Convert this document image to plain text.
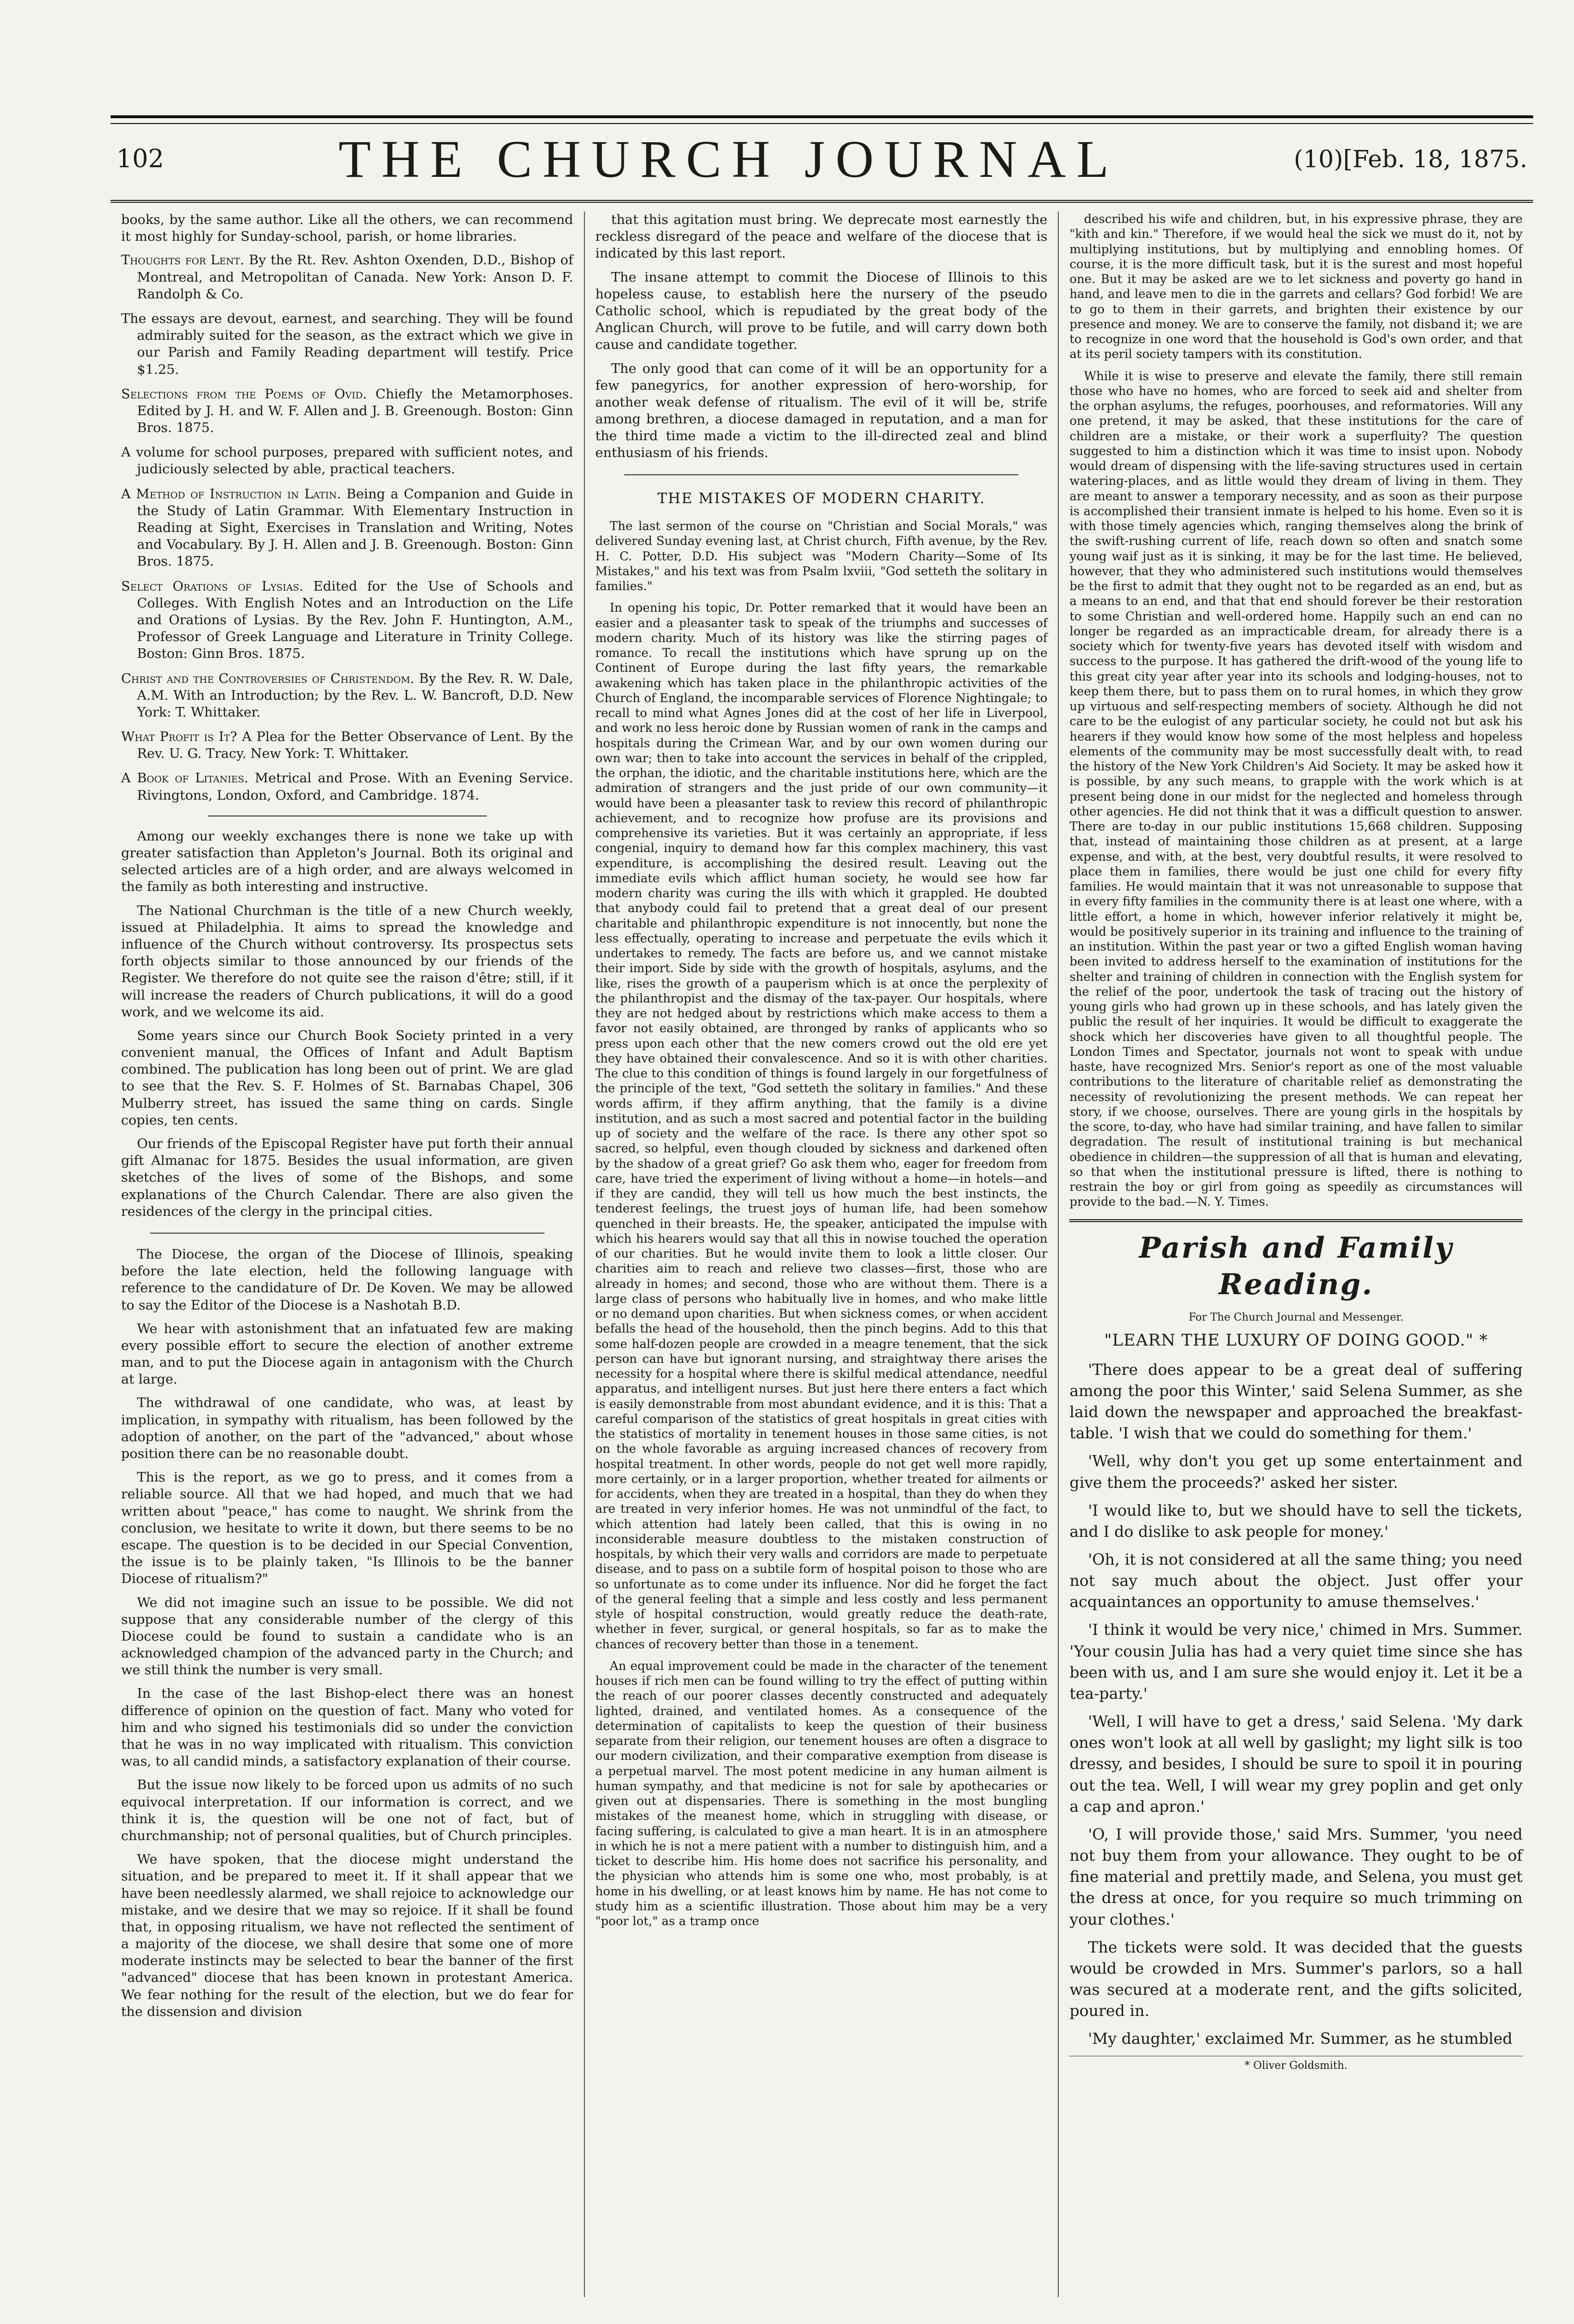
102	THE CHURCH JOURNAL	(10)[Feb. 18, 1875.

books, by the same author. Like all the others, we can recommend it most highly for Sunday-school, parish, or home libraries.

Thoughts for Lent. By the Rt. Rev. Ashton Oxenden, D.D., Bishop of Montreal, and Metropolitan of Canada. New York: Anson D. F. Randolph & Co.
The essays are devout, earnest, and searching. They will be found admirably suited for the season, as the extract which we give in our Parish and Family Reading department will testify. Price $1.25.
Selections from the Poems of Ovid. Chiefly the Metamorphoses. Edited by J. H. and W. F. Allen and J. B. Greenough. Boston: Ginn Bros. 1875.
A volume for school purposes, prepared with sufficient notes, and judiciously selected by able, practical teachers.
A Method of Instruction in Latin. Being a Companion and Guide in the Study of Latin Grammar. With Elementary Instruction in Reading at Sight, Exercises in Translation and Writing, Notes and Vocabulary. By J. H. Allen and J. B. Greenough. Boston: Ginn Bros. 1875.
Select Orations of Lysias. Edited for the Use of Schools and Colleges. With English Notes and an Introduction on the Life and Orations of Lysias. By the Rev. John F. Huntington, A.M., Professor of Greek Language and Literature in Trinity College. Boston: Ginn Bros. 1875.
Christ and the Controversies of Christendom. By the Rev. R. W. Dale, A.M. With an Introduction; by the Rev. L. W. Bancroft, D.D. New York: T. Whittaker.
What Profit is It? A Plea for the Better Observance of Lent. By the Rev. U. G. Tracy. New York: T. Whittaker.
A Book of Litanies. Metrical and Prose. With an Evening Service. Rivingtons, London, Oxford, and Cambridge. 1874.

Among our weekly exchanges there is none we take up with greater satisfaction than Appleton's Journal. Both its original and selected articles are of a high order, and are always welcomed in the family as both interesting and instructive.

The National Churchman is the title of a new Church weekly, issued at Philadelphia. It aims to spread the knowledge and influence of the Church without controversy. Its prospectus sets forth objects similar to those announced by our friends of the Register. We therefore do not quite see the raison d'être; still, if it will increase the readers of Church publications, it will do a good work, and we welcome its aid.

Some years since our Church Book Society printed in a very convenient manual, the Offices of Infant and Adult Baptism combined. The publication has long been out of print. We are glad to see that the Rev. S. F. Holmes of St. Barnabas Chapel, 306 Mulberry street, has issued the same thing on cards. Single copies, ten cents.

Our friends of the Episcopal Register have put forth their annual gift Almanac for 1875. Besides the usual information, are given sketches of the lives of some of the Bishops, and some explanations of the Church Calendar. There are also given the residences of the clergy in the principal cities.

The Diocese, the organ of the Diocese of Illinois, speaking before the late election, held the following language with reference to the candidature of Dr. De Koven. We may be allowed to say the Editor of the Diocese is a Nashotah B.D.

We hear with astonishment that an infatuated few are making every possible effort to secure the election of another extreme man, and to put the Diocese again in antagonism with the Church at large.

The withdrawal of one candidate, who was, at least by implication, in sympathy with ritualism, has been followed by the adoption of another, on the part of the "advanced," about whose position there can be no reasonable doubt.

This is the report, as we go to press, and it comes from a reliable source. All that we had hoped, and much that we had written about "peace," has come to naught. We shrink from the conclusion, we hesitate to write it down, but there seems to be no escape. The question is to be decided in our Special Convention, the issue is to be plainly taken, "Is Illinois to be the banner Diocese of ritualism?"

We did not imagine such an issue to be possible. We did not suppose that any considerable number of the clergy of this Diocese could be found to sustain a candidate who is an acknowledged champion of the advanced party in the Church; and we still think the number is very small.

In the case of the last Bishop-elect there was an honest difference of opinion on the question of fact. Many who voted for him and who signed his testimonials did so under the conviction that he was in no way implicated with ritualism. This conviction was, to all candid minds, a satisfactory explanation of their course.

But the issue now likely to be forced upon us admits of no such equivocal interpretation. If our information is correct, and we think it is, the question will be one not of fact, but of churchmanship; not of personal qualities, but of Church principles.

We have spoken, that the diocese might understand the situation, and be prepared to meet it. If it shall appear that we have been needlessly alarmed, we shall rejoice to acknowledge our mistake, and we desire that we may so rejoice. If it shall be found that, in opposing ritualism, we have not reflected the sentiment of a majority of the diocese, we shall desire that some one of more moderate instincts may be selected to bear the banner of the first "advanced" diocese that has been known in protestant America. We fear nothing for the result of the election, but we do fear for the dissension and division

that this agitation must bring. We deprecate most earnestly the reckless disregard of the peace and welfare of the diocese that is indicated by this last report.

The insane attempt to commit the Diocese of Illinois to this hopeless cause, to establish here the nursery of the pseudo Catholic school, which is repudiated by the great body of the Anglican Church, will prove to be futile, and will carry down both cause and candidate together.

The only good that can come of it will be an opportunity for a few panegyrics, for another expression of hero-worship, for another weak defense of ritualism. The evil of it will be, strife among brethren, a diocese damaged in reputation, and a man for the third time made a victim to the ill-directed zeal and blind enthusiasm of his friends.

THE MISTAKES OF MODERN CHARITY.

The last sermon of the course on "Christian and Social Morals," was delivered Sunday evening last, at Christ church, Fifth avenue, by the Rev. H. C. Potter, D.D. His subject was "Modern Charity—Some of Its Mistakes," and his text was from Psalm lxviii, "God setteth the solitary in families."

In opening his topic, Dr. Potter remarked that it would have been an easier and a pleasanter task to speak of the triumphs and successes of modern charity. Much of its history was like the stirring pages of romance. To recall the institutions which have sprung up on the Continent of Europe during the last fifty years, the remarkable awakening which has taken place in the philanthropic activities of the Church of England, the incomparable services of Florence Nightingale; to recall to mind what Agnes Jones did at the cost of her life in Liverpool, and work no less heroic done by Russian women of rank in the camps and hospitals during the Crimean War, and by our own women during our own war; then to take into account the services in behalf of the crippled, the orphan, the idiotic, and the charitable institutions here, which are the admiration of strangers and the just pride of our own community—it would have been a pleasanter task to review this record of philanthropic achievement, and to recognize how profuse are its provisions and comprehensive its varieties. But it was certainly an appropriate, if less congenial, inquiry to demand how far this complex machinery, this vast expenditure, is accomplishing the desired result. Leaving out the immediate evils which afflict human society, he would see how far modern charity was curing the ills with which it grappled. He doubted that anybody could fail to pretend that a great deal of our present charitable and philanthropic expenditure is not innocently, but none the less effectually, operating to increase and perpetuate the evils which it undertakes to remedy. The facts are before us, and we cannot mistake their import. Side by side with the growth of hospitals, asylums, and the like, rises the growth of a pauperism which is at once the perplexity of the philanthropist and the dismay of the tax-payer. Our hospitals, where they are not hedged about by restrictions which make access to them a favor not easily obtained, are thronged by ranks of applicants who so press upon each other that the new comers crowd out the old ere yet they have obtained their convalescence. And so it is with other charities. The clue to this condition of things is found largely in our forgetfulness of the principle of the text, "God setteth the solitary in families." And these words affirm, if they affirm anything, that the family is a divine institution, and as such a most sacred and potential factor in the building up of society and the welfare of the race. Is there any other spot so sacred, so helpful, even though clouded by sickness and darkened often by the shadow of a great grief? Go ask them who, eager for freedom from care, have tried the experiment of living without a home—in hotels—and if they are candid, they will tell us how much the best instincts, the tenderest feelings, the truest joys of human life, had been somehow quenched in their breasts. He, the speaker, anticipated the impulse with which his hearers would say that all this in nowise touched the operation of our charities. But he would invite them to look a little closer. Our charities aim to reach and relieve two classes—first, those who are already in homes; and second, those who are without them. There is a large class of persons who habitually live in homes, and who make little or no demand upon charities. But when sickness comes, or when accident befalls the head of the household, then the pinch begins. Add to this that some half-dozen people are crowded in a meagre tenement, that the sick person can have but ignorant nursing, and straightway there arises the necessity for a hospital where there is skilful medical attendance, needful apparatus, and intelligent nurses. But just here there enters a fact which is easily demonstrable from most abundant evidence, and it is this: That a careful comparison of the statistics of great hospitals in great cities with the statistics of mortality in tenement houses in those same cities, is not on the whole favorable as arguing increased chances of recovery from hospital treatment. In other words, people do not get well more rapidly, more certainly, or in a larger proportion, whether treated for ailments or for accidents, when they are treated in a hospital, than they do when they are treated in very inferior homes. He was not unmindful of the fact, to which attention had lately been called, that this is owing in no inconsiderable measure doubtless to the mistaken construction of hospitals, by which their very walls and corridors are made to perpetuate disease, and to pass on a subtile form of hospital poison to those who are so unfortunate as to come under its influence. Nor did he forget the fact of the general feeling that a simple and less costly and less permanent style of hospital construction, would greatly reduce the death-rate, whether in fever, surgical, or general hospitals, so far as to make the chances of recovery better than those in a tenement.

An equal improvement could be made in the character of the tenement houses if rich men can be found willing to try the effect of putting within the reach of our poorer classes decently constructed and adequately lighted, drained, and ventilated homes. As a consequence of the determination of capitalists to keep the question of their business separate from their religion, our tenement houses are often a disgrace to our modern civilization, and their comparative exemption from disease is a perpetual marvel. The most potent medicine in any human ailment is human sympathy, and that medicine is not for sale by apothecaries or given out at dispensaries. There is something in the most bungling mistakes of the meanest home, which in struggling with disease, or facing suffering, is calculated to give a man heart. It is in an atmosphere in which he is not a mere patient with a number to distinguish him, and a ticket to describe him. His home does not sacrifice his personality, and the physician who attends him is some one who, most probably, is at home in his dwelling, or at least knows him by name. He has not come to study him as a scientific illustration. Those about him may be a very "poor lot," as a tramp once

described his wife and children, but, in his expressive phrase, they are "kith and kin." Therefore, if we would heal the sick we must do it, not by multiplying institutions, but by multiplying and ennobling homes. Of course, it is the more difficult task, but it is the surest and most hopeful one. But it may be asked are we to let sickness and poverty go hand in hand, and leave men to die in the garrets and cellars? God forbid! We are to go to them in their garrets, and brighten their existence by our presence and money. We are to conserve the family, not disband it; we are to recognize in one word that the household is God's own order, and that at its peril society tampers with its constitution.

While it is wise to preserve and elevate the family, there still remain those who have no homes, who are forced to seek aid and shelter from the orphan asylums, the refuges, poorhouses, and reformatories. Will any one pretend, it may be asked, that these institutions for the care of children are a mistake, or their work a superfluity? The question suggested to him a distinction which it was time to insist upon. Nobody would dream of dispensing with the life-saving structures used in certain watering-places, and as little would they dream of living in them. They are meant to answer a temporary necessity, and as soon as their purpose is accomplished their transient inmate is helped to his home. Even so it is with those timely agencies which, ranging themselves along the brink of the swift-rushing current of life, reach down so often and snatch some young waif just as it is sinking, it may be for the last time. He believed, however, that they who administered such institutions would themselves be the first to admit that they ought not to be regarded as an end, but as a means to an end, and that that end should forever be their restoration to some Christian and well-ordered home. Happily such an end can no longer be regarded as an impracticable dream, for already there is a society which for twenty-five years has devoted itself with wisdom and success to the purpose. It has gathered the drift-wood of the young life to this great city year after year into its schools and lodging-houses, not to keep them there, but to pass them on to rural homes, in which they grow up virtuous and self-respecting members of society. Although he did not care to be the eulogist of any particular society, he could not but ask his hearers if they would know how some of the most helpless and hopeless elements of the community may be most successfully dealt with, to read the history of the New York Children's Aid Society. It may be asked how it is possible, by any such means, to grapple with the work which is at present being done in our midst for the neglected and homeless through other agencies. He did not think that it was a difficult question to answer. There are to-day in our public institutions 15,668 children. Supposing that, instead of maintaining those children as at present, at a large expense, and with, at the best, very doubtful results, it were resolved to place them in families, there would be just one child for every fifty families. He would maintain that it was not unreasonable to suppose that in every fifty families in the community there is at least one where, with a little effort, a home in which, however inferior relatively it might be, would be positively superior in its training and influence to the training of an institution. Within the past year or two a gifted English woman having been invited to address herself to the examination of institutions for the shelter and training of children in connection with the English system for the relief of the poor, undertook the task of tracing out the history of young girls who had grown up in these schools, and has lately given the public the result of her inquiries. It would be difficult to exaggerate the shock which her discoveries have given to all thoughtful people. The London Times and Spectator, journals not wont to speak with undue haste, have recognized Mrs. Senior's report as one of the most valuable contributions to the literature of charitable relief as demonstrating the necessity of revolutionizing the present methods. We can repeat her story, if we choose, ourselves. There are young girls in the hospitals by the score, to-day, who have had similar training, and have fallen to similar degradation. The result of institutional training is but mechanical obedience in children—the suppression of all that is human and elevating, so that when the institutional pressure is lifted, there is nothing to restrain the boy or girl from going as speedily as circumstances will provide to the bad.—N. Y. Times.

Parish and Family Reading.
For The Church Journal and Messenger.
"LEARN THE LUXURY OF DOING GOOD." *

'There does appear to be a great deal of suffering among the poor this Winter,' said Selena Summer, as she laid down the newspaper and approached the breakfast-table. 'I wish that we could do something for them.'

'Well, why don't you get up some entertainment and give them the proceeds?' asked her sister.

'I would like to, but we should have to sell the tickets, and I do dislike to ask people for money.'

'Oh, it is not considered at all the same thing; you need not say much about the object. Just offer your acquaintances an opportunity to amuse themselves.'

'I think it would be very nice,' chimed in Mrs. Summer. 'Your cousin Julia has had a very quiet time since she has been with us, and I am sure she would enjoy it. Let it be a tea-party.'

'Well, I will have to get a dress,' said Selena. 'My dark ones won't look at all well by gaslight; my light silk is too dressy, and besides, I should be sure to spoil it in pouring out the tea. Well, I will wear my grey poplin and get only a cap and apron.'

'O, I will provide those,' said Mrs. Summer, 'you need not buy them from your allowance. They ought to be of fine material and prettily made, and Selena, you must get the dress at once, for you require so much trimming on your clothes.'

The tickets were sold. It was decided that the guests would be crowded in Mrs. Summer's parlors, so a hall was secured at a moderate rent, and the gifts solicited, poured in.

'My daughter,' exclaimed Mr. Summer, as he stumbled

* Oliver Goldsmith.
